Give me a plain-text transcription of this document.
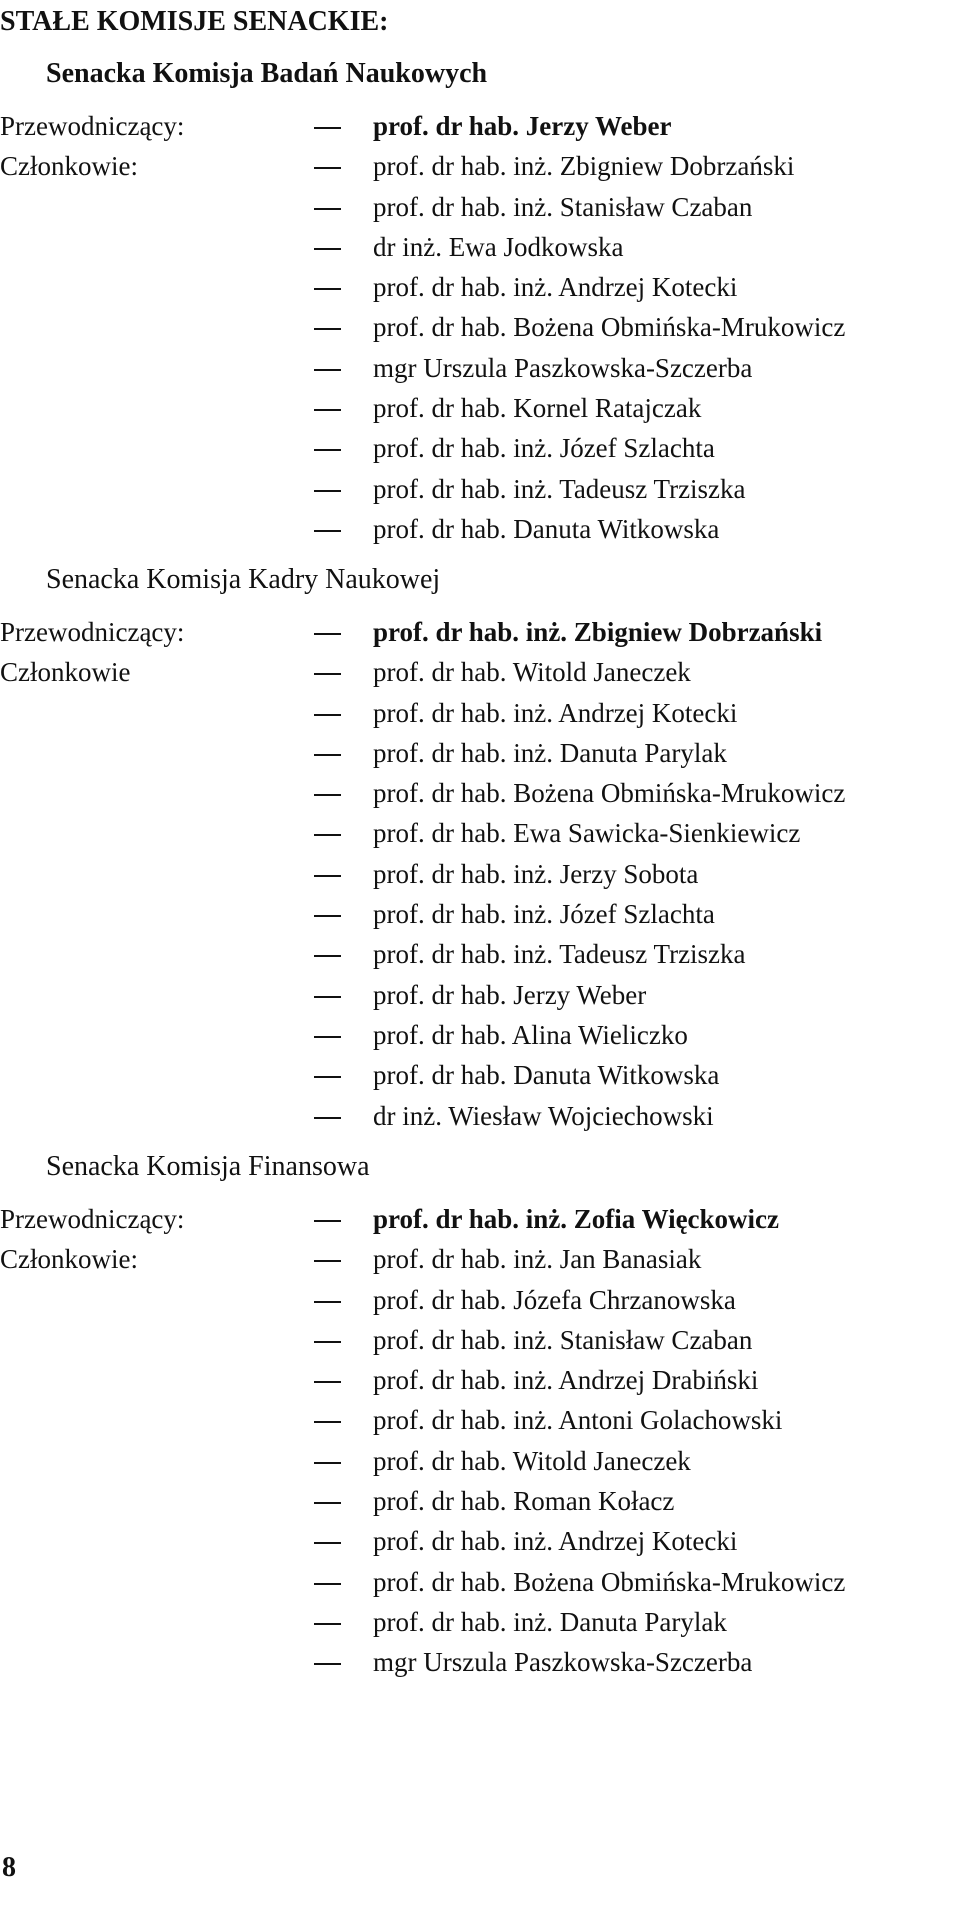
STAŁE KOMISJE SENACKIE:
Senacka Komisja Badań Naukowych
Przewodniczący:	prof. dr hab. Jerzy Weber
Członkowie:	prof. dr hab. inż. Zbigniew Dobrzański
prof. dr hab. inż. Stanisław Czaban
dr inż. Ewa Jodkowska
prof. dr hab. inż. Andrzej Kotecki
prof. dr hab. Bożena Obmińska-Mrukowicz
mgr Urszula Paszkowska-Szczerba
prof. dr hab. Kornel Ratajczak
prof. dr hab. inż. Józef Szlachta
prof. dr hab. inż. Tadeusz Trziszka
prof. dr hab. Danuta Witkowska
Senacka Komisja Kadry Naukowej
Przewodniczący:	prof. dr hab. inż. Zbigniew Dobrzański
Członkowie	prof. dr hab. Witold Janeczek
prof. dr hab. inż. Andrzej Kotecki
prof. dr hab. inż. Danuta Parylak
prof. dr hab. Bożena Obmińska-Mrukowicz
prof. dr hab. Ewa Sawicka-Sienkiewicz
prof. dr hab. inż. Jerzy Sobota
prof. dr hab. inż. Józef Szlachta
prof. dr hab. inż. Tadeusz Trziszka
prof. dr hab. Jerzy Weber
prof. dr hab. Alina Wieliczko
prof. dr hab. Danuta Witkowska
dr inż. Wiesław Wojciechowski
Senacka Komisja Finansowa
Przewodniczący:	prof. dr hab. inż. Zofia Więckowicz
Członkowie:	prof. dr hab. inż. Jan Banasiak
prof. dr hab. Józefa Chrzanowska
prof. dr hab. inż. Stanisław Czaban
prof. dr hab. inż. Andrzej Drabiński
prof. dr hab. inż. Antoni Golachowski
prof. dr hab. Witold Janeczek
prof. dr hab. Roman Kołacz
prof. dr hab. inż. Andrzej Kotecki
prof. dr hab. Bożena Obmińska-Mrukowicz
prof. dr hab. inż. Danuta Parylak
mgr Urszula Paszkowska-Szczerba
8
